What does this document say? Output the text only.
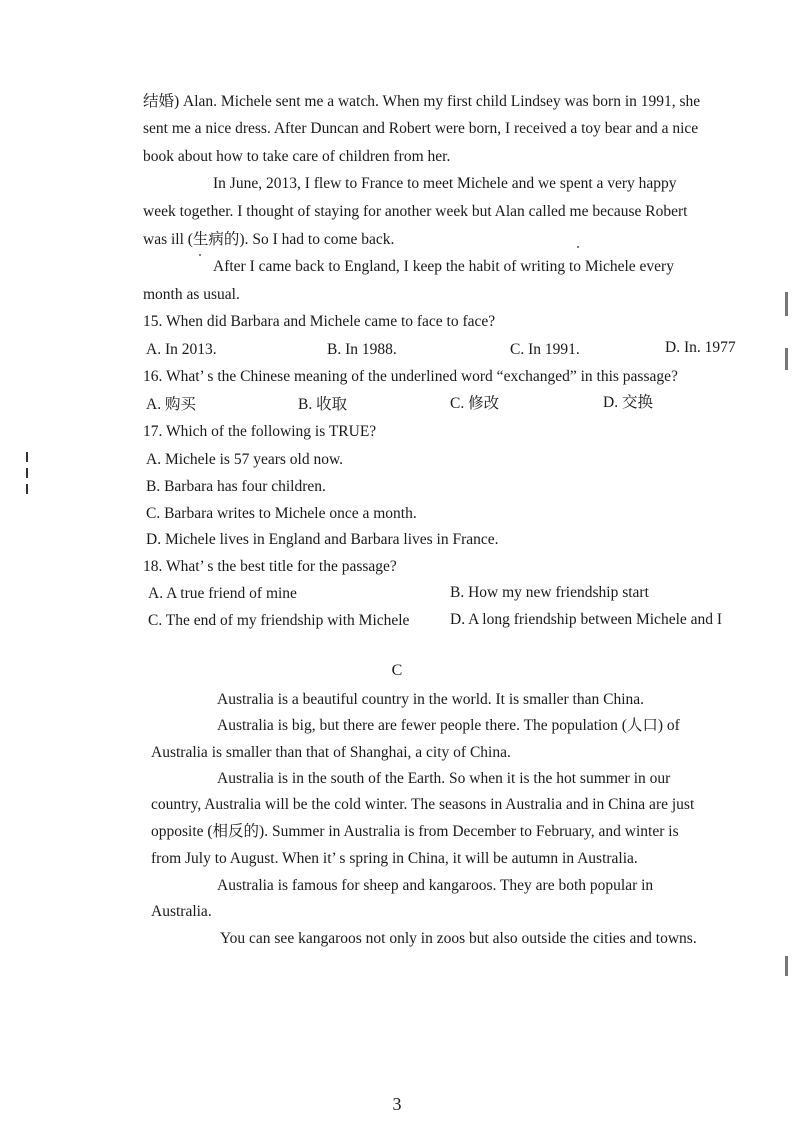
结婚) Alan. Michele sent me a watch. When my first child Lindsey was born in 1991, she
sent me a nice dress. After Duncan and Robert were born, I received a toy bear and a nice
book about how to take care of children from her.
In June, 2013, I flew to France to meet Michele and we spent a very happy
week together. I thought of staying for another week but Alan called me because Robert
was ill (生病的). So I had to come back.
After I came back to England, I keep the habit of writing to Michele every
month as usual.
15. When did Barbara and Michele came to face to face?
A. In 2013.	B. In 1988.	C. In 1991.	D. In. 1977
16. What’ s the Chinese meaning of the underlined word “exchanged” in this passage?
A. 购买	B. 收取	C. 修改	D. 交换
17. Which of the following is TRUE?
A. Michele is 57 years old now.
B. Barbara has four children.
C. Barbara writes to Michele once a month.
D. Michele lives in England and Barbara lives in France.
18. What’ s the best title for the passage?
A. A true friend of mine	B. How my new friendship start
C. The end of my friendship with Michele	D. A long friendship between Michele and I
C
Australia is a beautiful country in the world. It is smaller than China.
Australia is big, but there are fewer people there. The population (人口) of
Australia is smaller than that of Shanghai, a city of China.
Australia is in the south of the Earth. So when it is the hot summer in our
country, Australia will be the cold winter. The seasons in Australia and in China are just
opposite (相反的). Summer in Australia is from December to February, and winter is
from July to August. When it’ s spring in China, it will be autumn in Australia.
Australia is famous for sheep and kangaroos. They are both popular in
Australia.
You can see kangaroos not only in zoos but also outside the cities and towns.
3
